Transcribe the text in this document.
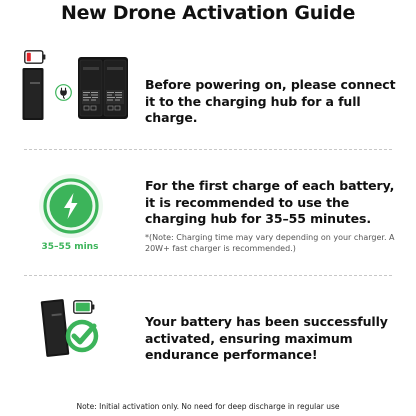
New Drone Activation Guide
Before powering on, please connect it to the charging hub for a full charge.
35–55 mins
For the first charge of each battery, it is recommended to use the charging hub for 35–55 minutes.
*(Note: Charging time may vary depending on your charger. A 20W+ fast charger is recommended.)
Your battery has been successfully activated, ensuring maximum endurance performance!
Note: Initial activation only. No need for deep discharge in regular use
